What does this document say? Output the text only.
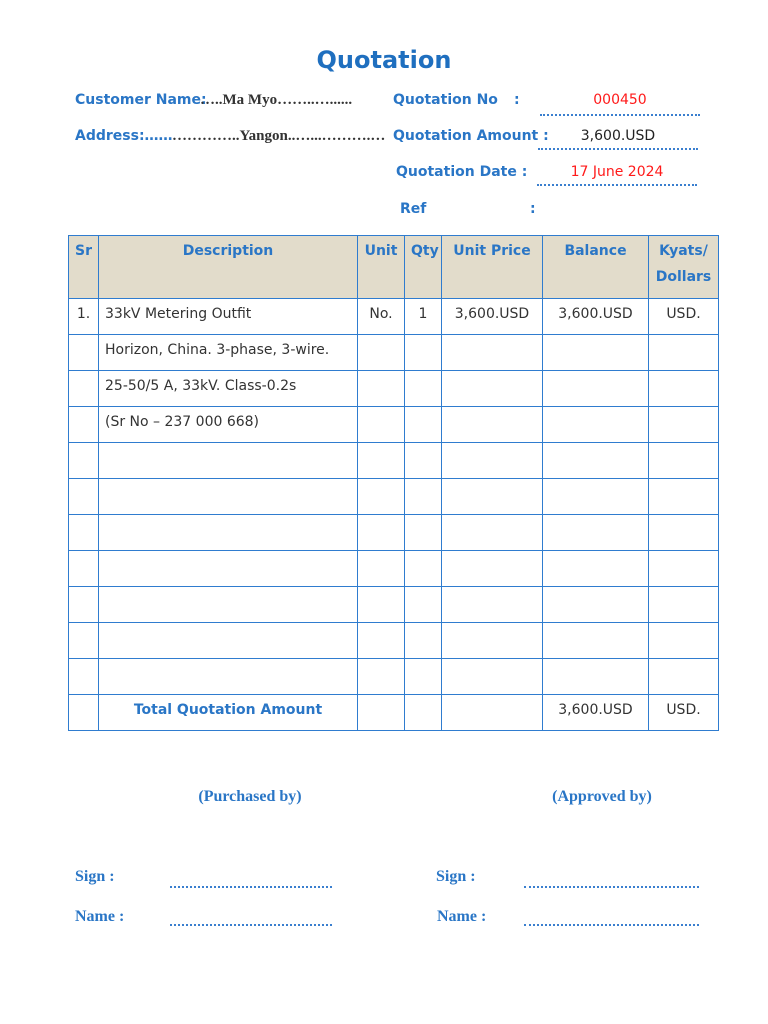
Quotation
Customer Name:
…..Ma Myo……..…......
Address:…… …………..Yangon..…...……….…
Quotation No :	000450
Quotation Amount :	3,600.USD
Quotation Date :	17 June 2024
Ref	:
Sr	Description	Unit	Qty	Unit Price	Balance	Kyats/
Dollars
1.	33kV Metering Outfit	No.	1	3,600.USD	3,600.USD	USD.
	Horizon, China. 3-phase, 3-wire.					
	25-50/5 A, 33kV. Class-0.2s					
	(Sr No – 237 000 668)					

	Total Quotation Amount				3,600.USD	USD.
(Purchased by)	(Approved by)
Sign :
Name :
Sign :
Name :
